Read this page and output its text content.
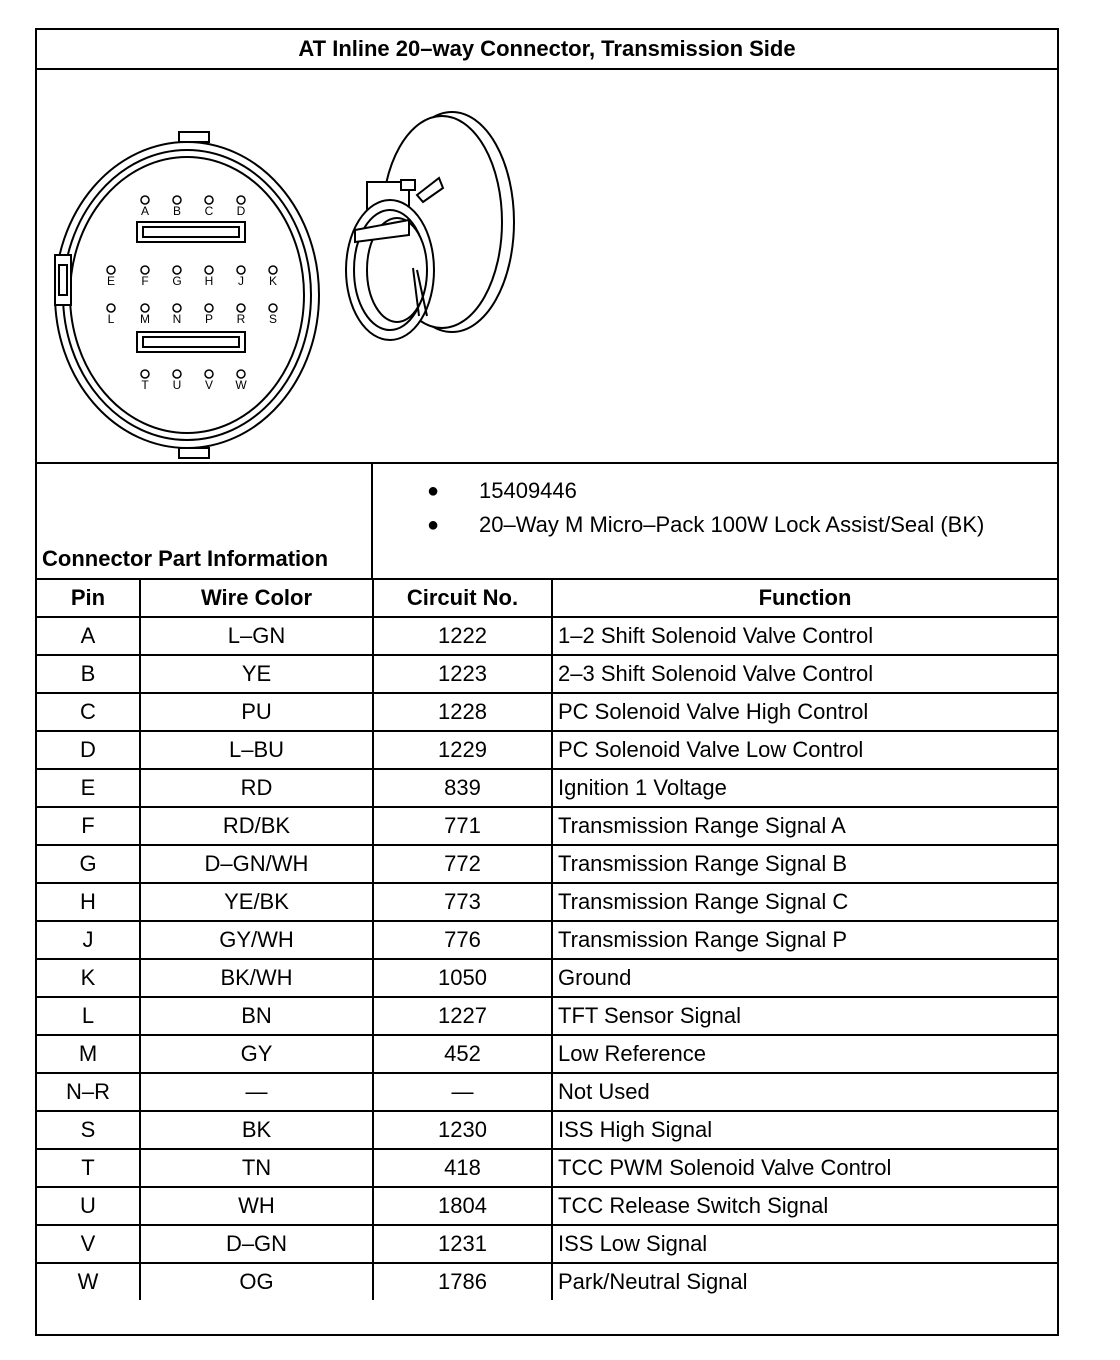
AT Inline 20–way Connector, Transmission Side
A B C D
E F G H J K
L M N P R S
T U V W
Connector Part Information
●	15409446
●	20–Way M Micro–Pack 100W Lock Assist/Seal (BK)
Pin	Wire Color	Circuit No.	Function
A	L–GN	1222	1–2 Shift Solenoid Valve Control
B	YE	1223	2–3 Shift Solenoid Valve Control
C	PU	1228	PC Solenoid Valve High Control
D	L–BU	1229	PC Solenoid Valve Low Control
E	RD	839	Ignition 1 Voltage
F	RD/BK	771	Transmission Range Signal A
G	D–GN/WH	772	Transmission Range Signal B
H	YE/BK	773	Transmission Range Signal C
J	GY/WH	776	Transmission Range Signal P
K	BK/WH	1050	Ground
L	BN	1227	TFT Sensor Signal
M	GY	452	Low Reference
N–R	—	—	Not Used
S	BK	1230	ISS High Signal
T	TN	418	TCC PWM Solenoid Valve Control
U	WH	1804	TCC Release Switch Signal
V	D–GN	1231	ISS Low Signal
W	OG	1786	Park/Neutral Signal
